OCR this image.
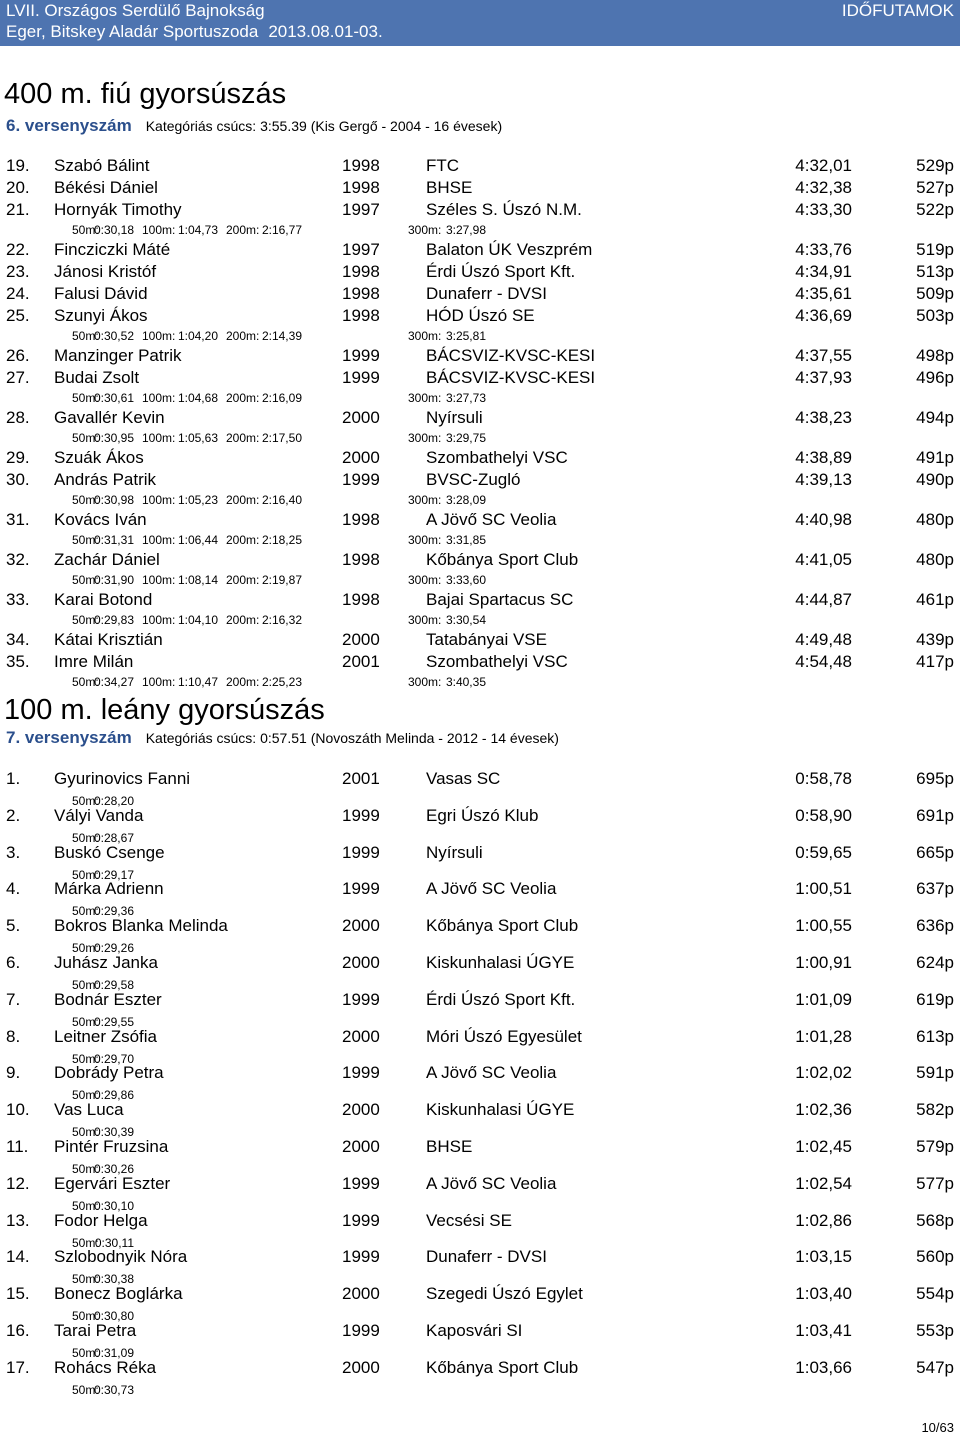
LVII. Országos Serdülő Bajnokság
Eger, Bitskey Aladár Sportuszoda 2013.08.01-03.
IDŐFUTAMOK
400 m. fiú gyorsúszás
6. versenyszám Kategóriás csúcs: 3:55.39 (Kis Gergő - 2004 - 16 évesek)
19. Szabó Bálint	1998	FTC	4:32,01	529p
20. Békési Dániel	1998	BHSE	4:32,38	527p
21. Hornyák Timothy	1997	Széles S. Úszó N.M.	4:33,30	522p
50m:
0:30,18 100m: 1:04,73 200m: 2:16,77	300m: 3:27,98
22. Fincziczki Máté	1997	Balaton ÚK Veszprém	4:33,76	519p
23. Jánosi Kristóf	1998	Érdi Úszó Sport Kft.	4:34,91	513p
24. Falusi Dávid	1998	Dunaferr - DVSI	4:35,61	509p
25. Szunyi Ákos	1998	HÓD Úszó SE	4:36,69	503p
50m:
0:30,52 100m: 1:04,20 200m: 2:14,39	300m: 3:25,81
26. Manzinger Patrik	1999	BÁCSVIZ-KVSC-KESI	4:37,55	498p
27. Budai Zsolt	1999	BÁCSVIZ-KVSC-KESI	4:37,93	496p
50m:
0:30,61 100m: 1:04,68 200m: 2:16,09	300m: 3:27,73
28. Gavallér Kevin	2000	Nyírsuli	4:38,23	494p
50m:
0:30,95 100m: 1:05,63 200m: 2:17,50	300m: 3:29,75
29. Szuák Ákos	2000	Szombathelyi VSC	4:38,89	491p
30. András Patrik	1999	BVSC-Zugló	4:39,13	490p
50m:
0:30,98 100m: 1:05,23 200m: 2:16,40	300m: 3:28,09
31. Kovács Iván	1998	A Jövő SC Veolia	4:40,98	480p
50m:
0:31,31 100m: 1:06,44 200m: 2:18,25	300m: 3:31,85
32. Zachár Dániel	1998	Kőbánya Sport Club	4:41,05	480p
50m:
0:31,90 100m: 1:08,14 200m: 2:19,87	300m: 3:33,60
33. Karai Botond	1998	Bajai Spartacus SC	4:44,87	461p
50m:
0:29,83 100m: 1:04,10 200m: 2:16,32	300m: 3:30,54
34. Kátai Krisztián	2000	Tatabányai VSE	4:49,48	439p
35. Imre Milán	2001	Szombathelyi VSC	4:54,48	417p
50m:
0:34,27 100m: 1:10,47 200m: 2:25,23	300m: 3:40,35
100 m. leány gyorsúszás
7. versenyszám Kategóriás csúcs: 0:57.51 (Novoszáth Melinda - 2012 - 14 évesek)
1. Gyurinovics Fanni	2001	Vasas SC	0:58,78	695p
50m:
0:28,20
2. Vályi Vanda	1999	Egri Úszó Klub	0:58,90	691p
50m:
0:28,67
3. Buskó Csenge	1999	Nyírsuli	0:59,65	665p
50m:
0:29,17
4. Márka Adrienn	1999	A Jövő SC Veolia	1:00,51	637p
50m:
0:29,36
5. Bokros Blanka Melinda	2000	Kőbánya Sport Club	1:00,55	636p
50m:
0:29,26
6. Juhász Janka	2000	Kiskunhalasi ÚGYE	1:00,91	624p
50m:
0:29,58
7. Bodnár Eszter	1999	Érdi Úszó Sport Kft.	1:01,09	619p
50m:
0:29,55
8. Leitner Zsófia	2000	Móri Úszó Egyesület	1:01,28	613p
50m:
0:29,70
9. Dobrády Petra	1999	A Jövő SC Veolia	1:02,02	591p
50m:
0:29,86
10. Vas Luca	2000	Kiskunhalasi ÚGYE	1:02,36	582p
50m:
0:30,39
11. Pintér Fruzsina	2000	BHSE	1:02,45	579p
50m:
0:30,26
12. Egervári Eszter	1999	A Jövő SC Veolia	1:02,54	577p
50m:
0:30,10
13. Fodor Helga	1999	Vecsési SE	1:02,86	568p
50m:
0:30,11
14. Szlobodnyik Nóra	1999	Dunaferr - DVSI	1:03,15	560p
50m:
0:30,38
15. Bonecz Boglárka	2000	Szegedi Úszó Egylet	1:03,40	554p
50m:
0:30,80
16. Tarai Petra	1999	Kaposvári SI	1:03,41	553p
50m:
0:31,09
17. Rohács Réka	2000	Kőbánya Sport Club	1:03,66	547p
50m:
0:30,73
10/63
